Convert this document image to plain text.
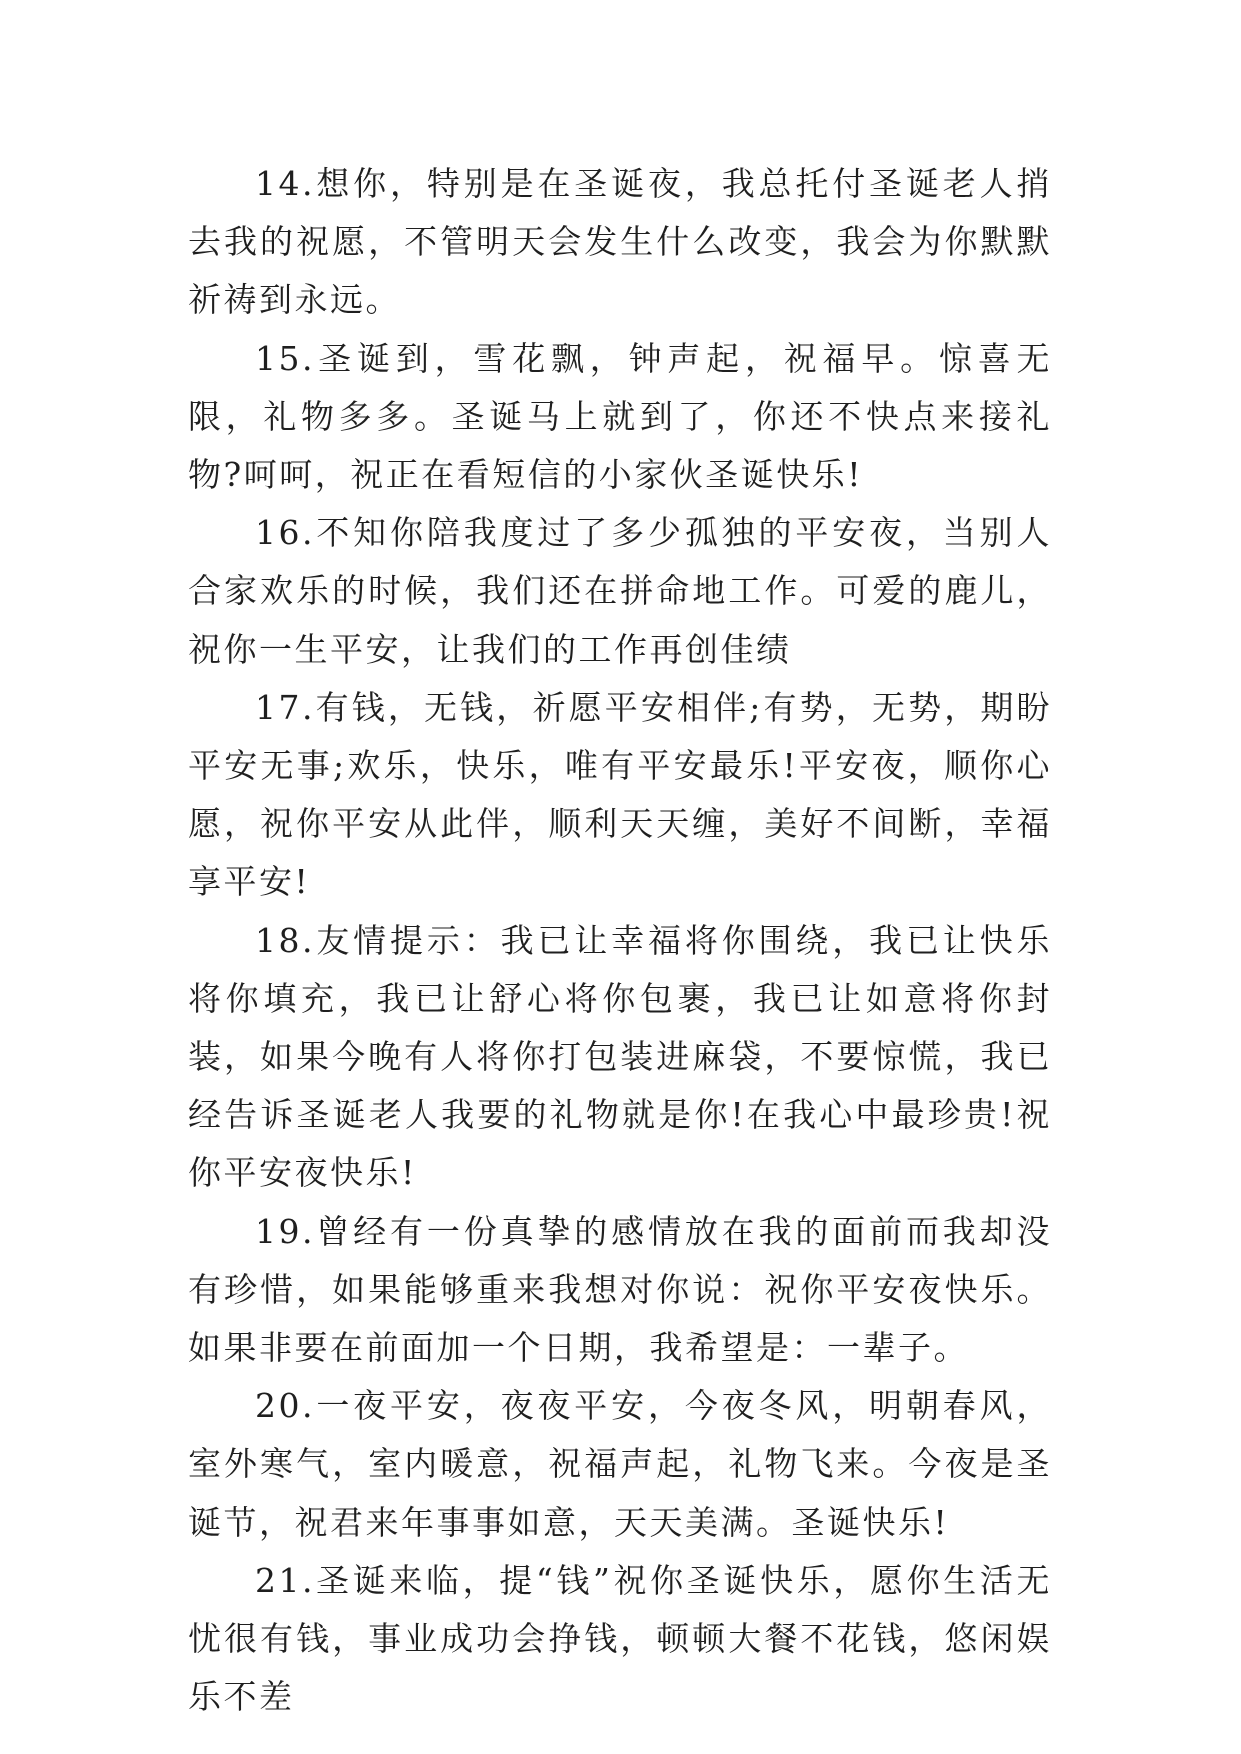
14.想你，特别是在圣诞夜，我总托付圣诞老人捎去我的祝愿，不管明天会发生什么改变，我会为你默默祈祷到永远。

15.圣诞到，雪花飘，钟声起，祝福早。惊喜无限，礼物多多。圣诞马上就到了，你还不快点来接礼物?呵呵，祝正在看短信的小家伙圣诞快乐!

16.不知你陪我度过了多少孤独的平安夜，当别人合家欢乐的时候，我们还在拼命地工作。可爱的鹿儿，祝你一生平安，让我们的工作再创佳绩

17.有钱，无钱，祈愿平安相伴;有势，无势，期盼平安无事;欢乐，快乐，唯有平安最乐!平安夜，顺你心愿，祝你平安从此伴，顺利天天缠，美好不间断，幸福享平安!

18.友情提示：我已让幸福将你围绕，我已让快乐将你填充，我已让舒心将你包裹，我已让如意将你封装，如果今晚有人将你打包装进麻袋，不要惊慌，我已经告诉圣诞老人我要的礼物就是你!在我心中最珍贵!祝你平安夜快乐!

19.曾经有一份真挚的感情放在我的面前而我却没有珍惜，如果能够重来我想对你说：祝你平安夜快乐。如果非要在前面加一个日期，我希望是：一辈子。

20.一夜平安，夜夜平安，今夜冬风，明朝春风，室外寒气，室内暖意，祝福声起，礼物飞来。今夜是圣诞节，祝君来年事事如意，天天美满。圣诞快乐!

21.圣诞来临，提“钱”祝你圣诞快乐，愿你生活无忧很有钱，事业成功会挣钱，顿顿大餐不花钱，悠闲娱乐不差
